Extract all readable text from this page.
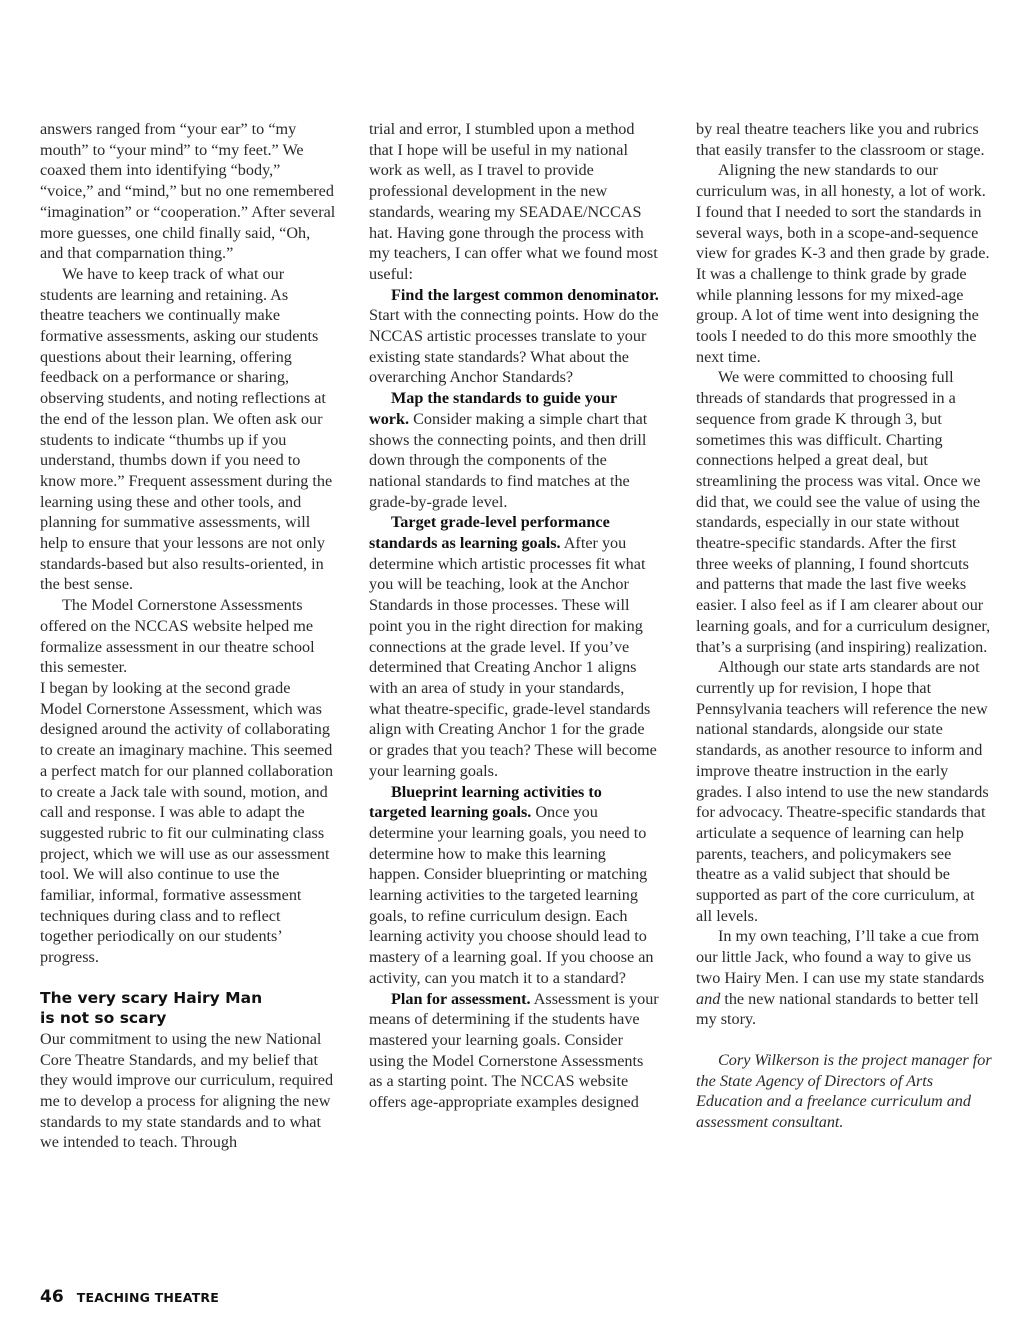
answers ranged from “your ear” to “my mouth” to “your mind” to “my feet.” We coaxed them into identifying “body,” “voice,” and “mind,” but no one remembered “imagination” or “cooperation.” After several more guesses, one child finally said, “Oh, and that comparnation thing.”

We have to keep track of what our students are learning and retaining. As theatre teachers we continually make formative assessments, asking our students questions about their learning, offering feedback on a performance or sharing, observing students, and noting reflections at the end of the lesson plan. We often ask our students to indicate “thumbs up if you understand, thumbs down if you need to know more.” Frequent assessment during the learning using these and other tools, and planning for summative assessments, will help to ensure that your lessons are not only standards-based but also results-oriented, in the best sense.

The Model Cornerstone Assessments offered on the NCCAS website helped me formalize assessment in our theatre school this semester.

I began by looking at the second grade Model Cornerstone Assessment, which was designed around the activity of collaborating to create an imaginary machine. This seemed a perfect match for our planned collaboration to create a Jack tale with sound, motion, and call and response. I was able to adapt the suggested rubric to fit our culminating class project, which we will use as our assessment tool. We will also continue to use the familiar, informal, formative assessment techniques during class and to reflect together periodically on our students’ progress.

The very scary Hairy Man
is not so scary

Our commitment to using the new National Core Theatre Standards, and my belief that they would improve our curriculum, required me to develop a process for aligning the new standards to my state standards and to what we intended to teach. Through

trial and error, I stumbled upon a method that I hope will be useful in my national work as well, as I travel to provide professional development in the new standards, wearing my SEADAE/NCCAS hat. Having gone through the process with my teachers, I can offer what we found most useful:

Find the largest common denominator. Start with the connecting points. How do the NCCAS artistic processes translate to your existing state standards? What about the overarching Anchor Standards?

Map the standards to guide your work. Consider making a simple chart that shows the connecting points, and then drill down through the components of the national standards to find matches at the grade-by-grade level.

Target grade-level performance standards as learning goals. After you determine which artistic processes fit what you will be teaching, look at the Anchor Standards in those processes. These will point you in the right direction for making connections at the grade level. If you’ve determined that Creating Anchor 1 aligns with an area of study in your standards, what theatre-specific, grade-level standards align with Creating Anchor 1 for the grade or grades that you teach? These will become your learning goals.

Blueprint learning activities to targeted learning goals. Once you determine your learning goals, you need to determine how to make this learning happen. Consider blueprinting or matching learning activities to the targeted learning goals, to refine curriculum design. Each learning activity you choose should lead to mastery of a learning goal. If you choose an activity, can you match it to a standard?

Plan for assessment. Assessment is your means of determining if the students have mastered your learning goals. Consider using the Model Cornerstone Assessments as a starting point. The NCCAS website offers age-appropriate examples designed

by real theatre teachers like you and rubrics that easily transfer to the classroom or stage.

Aligning the new standards to our curriculum was, in all honesty, a lot of work. I found that I needed to sort the standards in several ways, both in a scope-and-sequence view for grades K-3 and then grade by grade. It was a challenge to think grade by grade while planning lessons for my mixed-age group. A lot of time went into designing the tools I needed to do this more smoothly the next time.

We were committed to choosing full threads of standards that progressed in a sequence from grade K through 3, but sometimes this was difficult. Charting connections helped a great deal, but streamlining the process was vital. Once we did that, we could see the value of using the standards, especially in our state without theatre-specific standards. After the first three weeks of planning, I found shortcuts and patterns that made the last five weeks easier. I also feel as if I am clearer about our learning goals, and for a curriculum designer, that’s a surprising (and inspiring) realization.

Although our state arts standards are not currently up for revision, I hope that Pennsylvania teachers will reference the new national standards, alongside our state standards, as another resource to inform and improve theatre instruction in the early grades. I also intend to use the new standards for advocacy. Theatre-specific standards that articulate a sequence of learning can help parents, teachers, and policymakers see theatre as a valid subject that should be supported as part of the core curriculum, at all levels.

In my own teaching, I’ll take a cue from our little Jack, who found a way to give us two Hairy Men. I can use my state standards and the new national standards to better tell my story.

Cory Wilkerson is the project manager for the State Agency of Directors of Arts Education and a freelance curriculum and assessment consultant.

46 TEACHING THEATRE
